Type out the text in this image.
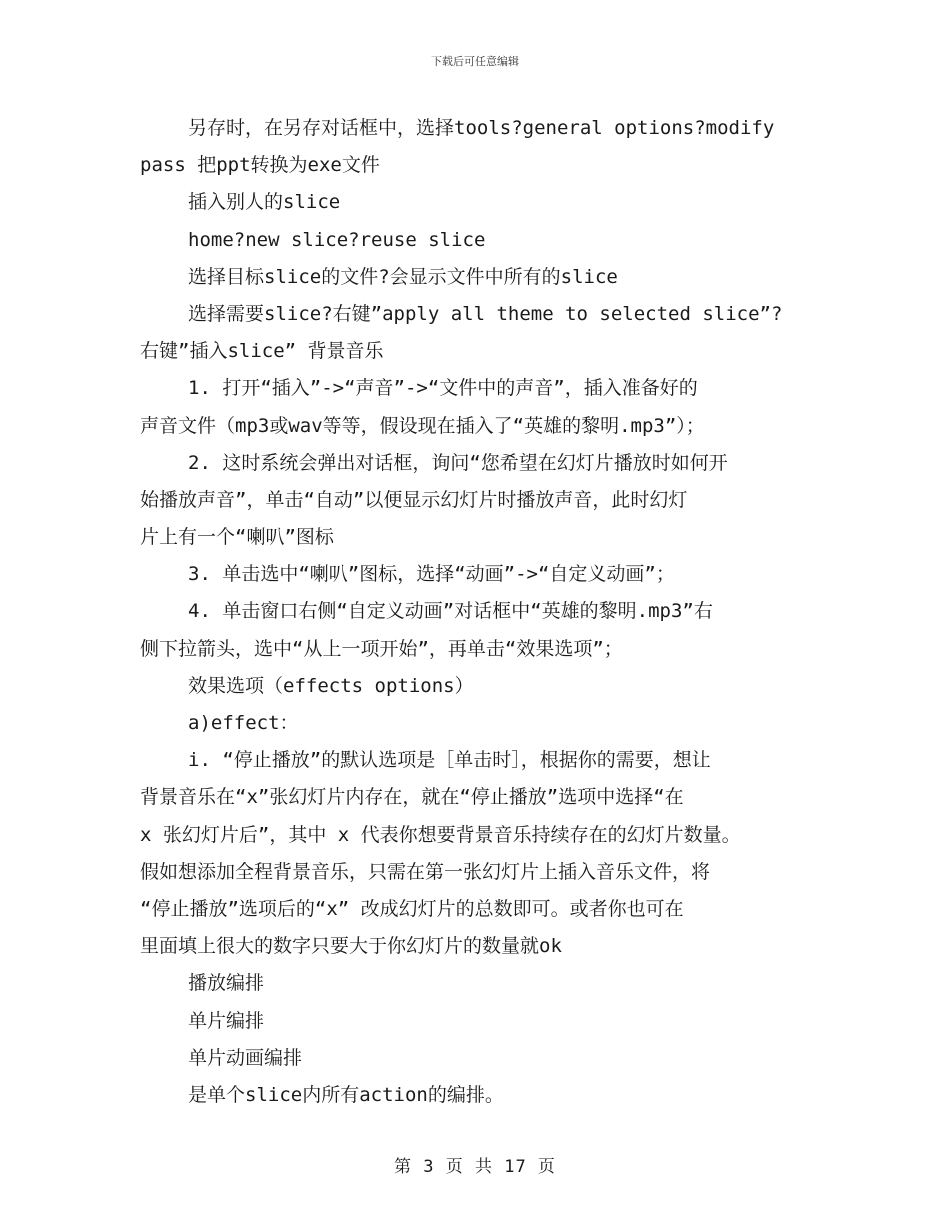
下载后可任意编辑
另存时，在另存对话框中，选择tools?general options?modify
pass 把ppt转换为exe文件
插入别人的slice
home?new slice?reuse slice
选择目标slice的文件?会显示文件中所有的slice
选择需要slice?右键”apply all theme to selected slice”?
右键”插入slice” 背景音乐
1. 打开“插入”->“声音”->“文件中的声音”，插入准备好的
声音文件（mp3或wav等等，假设现在插入了“英雄的黎明.mp3”）；
2. 这时系统会弹出对话框，询问“您希望在幻灯片播放时如何开
始播放声音”，单击“自动”以便显示幻灯片时播放声音，此时幻灯
片上有一个“喇叭”图标
3. 单击选中“喇叭”图标，选择“动画”->“自定义动画”；
4. 单击窗口右侧“自定义动画”对话框中“英雄的黎明.mp3”右
侧下拉箭头，选中“从上一项开始”，再单击“效果选项”；
效果选项（effects options）
a)effect：
i. “停止播放”的默认选项是［单击时］，根据你的需要，想让
背景音乐在“x”张幻灯片内存在，就在“停止播放”选项中选择“在
x 张幻灯片后”，其中 x 代表你想要背景音乐持续存在的幻灯片数量。
假如想添加全程背景音乐，只需在第一张幻灯片上插入音乐文件，将
“停止播放”选项后的“x” 改成幻灯片的总数即可。或者你也可在
里面填上很大的数字只要大于你幻灯片的数量就ok
播放编排
单片编排
单片动画编排
是单个slice内所有action的编排。
第 3 页 共 17 页
